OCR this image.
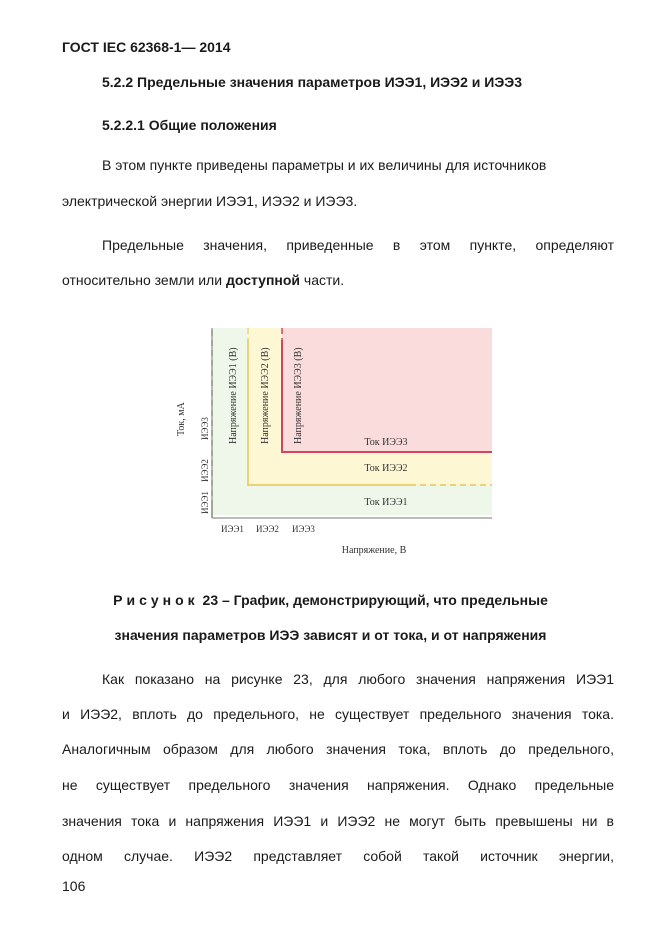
ГОСТ IEC 62368-1— 2014
5.2.2 Предельные значения параметров ИЭЭ1, ИЭЭ2 и ИЭЭ3
5.2.2.1 Общие положения
В этом пункте приведены параметры и их величины для источников
электрической энергии ИЭЭ1, ИЭЭ2 и ИЭЭ3.
Предельные значения, приведенные в этом пункте, определяют
относительно земли или доступной части.
Напряжение ИЭЭ1 (В) Напряжение ИЭЭ2 (В) Напряжение ИЭЭ3 (В)
Ток ИЭЭ1
Ток ИЭЭ2
Ток ИЭЭ3
ИЭЭ1
ИЭЭ2
ИЭЭ3
Ток, мА
ИЭЭ1 ИЭЭ2 ИЭЭ3
Напряжение, В
Рисунок 23 – График, демонстрирующий, что предельные
значения параметров ИЭЭ зависят и от тока, и от напряжения
Как показано на рисунке 23, для любого значения напряжения ИЭЭ1
и ИЭЭ2, вплоть до предельного, не существует предельного значения тока.
Аналогичным образом для любого значения тока, вплоть до предельного,
не существует предельного значения напряжения. Однако предельные
значения тока и напряжения ИЭЭ1 и ИЭЭ2 не могут быть превышены ни в
одном случае. ИЭЭ2 представляет собой такой источник энергии,
106
